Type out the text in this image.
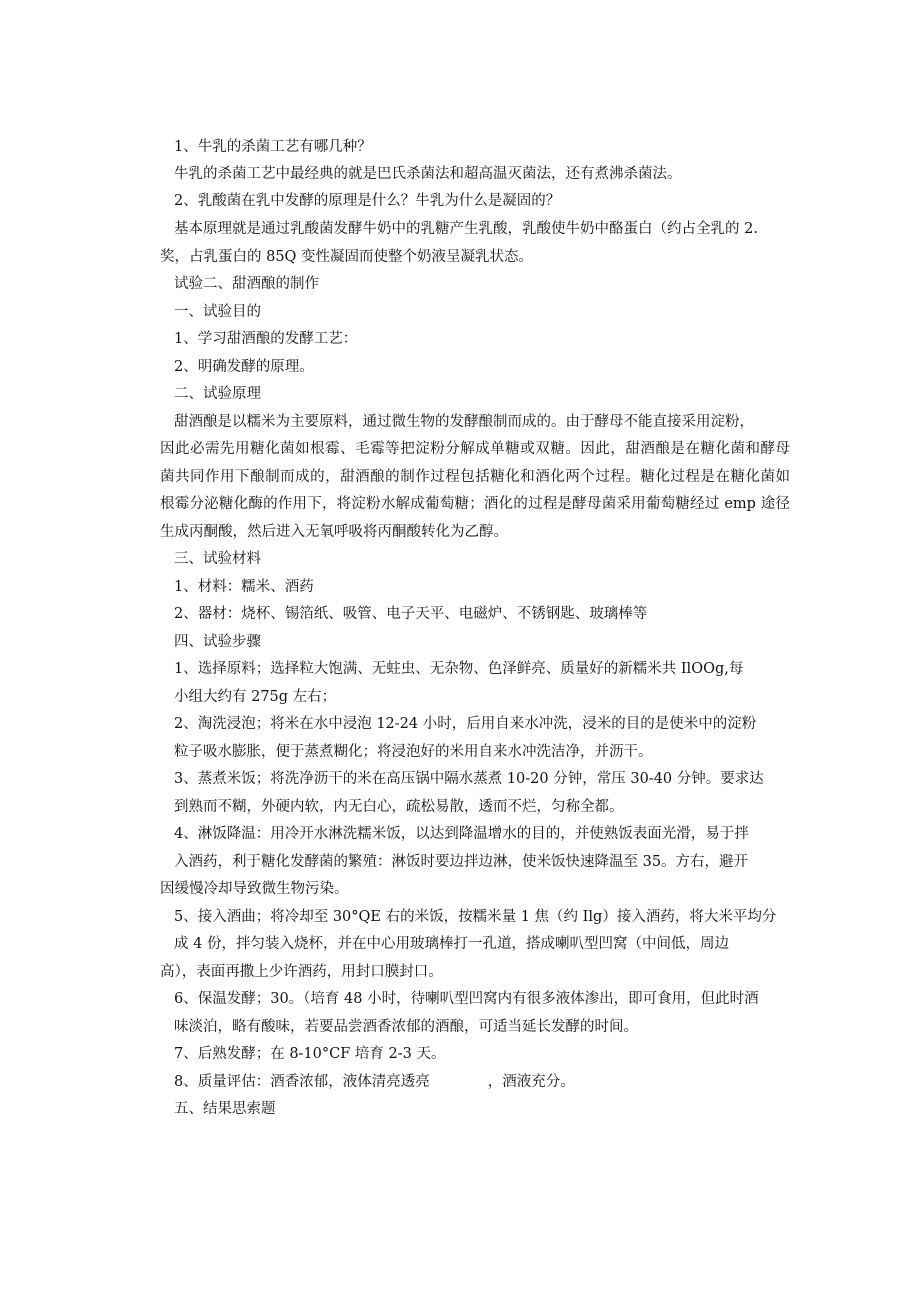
1、牛乳的杀菌工艺有哪几种？
牛乳的杀菌工艺中最经典的就是巴氏杀菌法和超高温灭菌法，还有煮沸杀菌法。
2、乳酸菌在乳中发酵的原理是什么？牛乳为什么是凝固的？
基本原理就是通过乳酸菌发酵牛奶中的乳糖产生乳酸，乳酸使牛奶中酪蛋白（约占全乳的 2.
奖，占乳蛋白的 85Q 变性凝固而使整个奶液呈凝乳状态。
试验二、甜酒酿的制作
一、试验目的
1、学习甜酒酿的发酵工艺：
2、明确发酵的原理。
二、试验原理
甜酒酿是以糯米为主要原料，通过微生物的发酵酿制而成的。由于酵母不能直接采用淀粉，
因此必需先用糖化菌如根霉、毛霉等把淀粉分解成单糖或双糖。因此，甜酒酿是在糖化菌和酵母
菌共同作用下酿制而成的，甜酒酿的制作过程包括糖化和酒化两个过程。糖化过程是在糖化菌如
根霉分泌糖化酶的作用下，将淀粉水解成葡萄糖；酒化的过程是酵母菌采用葡萄糖经过 emp 途径
生成丙酮酸，然后进入无氧呼吸将丙酮酸转化为乙醇。
三、试验材料
1、材料：糯米、酒药
2、器材：烧杯、锡箔纸、吸管、电子天平、电磁炉、不锈钢匙、玻璃棒等
四、试验步骤
1、选择原料；选择粒大饱满、无蛀虫、无杂物、色泽鲜亮、质量好的新糯米共 IlOOg,每
小组大约有 275g 左右；
2、淘洗浸泡；将米在水中浸泡 12-24 小时，后用自来水冲洗，浸米的目的是使米中的淀粉
粒子吸水膨胀，便于蒸煮糊化；将浸泡好的米用自来水冲洗洁净，并沥干。
3、蒸煮米饭；将洗净沥干的米在高压锅中隔水蒸煮 10-20 分钟，常压 30-40 分钟。要求达
到熟而不糊，外硬内软，内无白心，疏松易散，透而不烂，匀称全都。
4、淋饭降温：用冷开水淋洗糯米饭，以达到降温增水的目的，并使熟饭表面光滑，易于拌
入酒药，利于糖化发酵菌的繁殖：淋饭时要边拌边淋，使米饭快速降温至 35。方右，避开
因缓慢冷却导致微生物污染。
5、接入酒曲；将冷却至 30°QE 右的米饭，按糯米量 1 焦（约 Ilg）接入酒药，将大米平均分
成 4 份，拌匀装入烧杯，并在中心用玻璃棒打一孔道，搭成喇叭型凹窝（中间低，周边
高），表面再撒上少许酒药，用封口膜封口。
6、保温发酵；30。（培育 48 小时，待喇叭型凹窝内有很多液体渗出，即可食用，但此时酒
味淡泊，略有酸味，若要品尝酒香浓郁的酒酿，可适当延长发酵的时间。
7、后熟发酵；在 8-10°CF 培育 2-3 天。
8、质量评估：酒香浓郁，液体清亮透亮　　　　，酒液充分。
五、结果思索题
